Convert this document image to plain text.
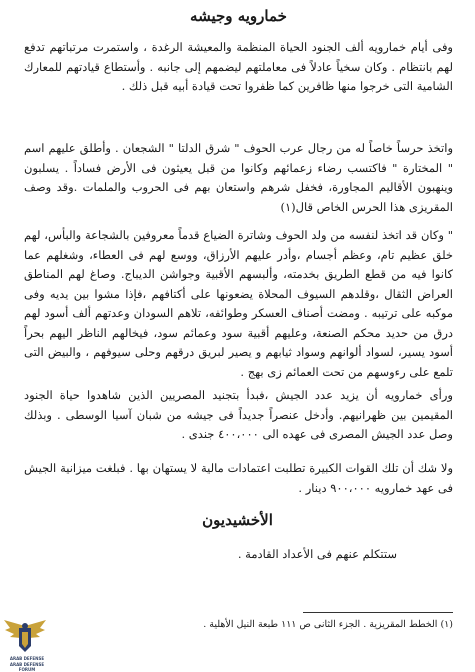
خمارويه وجيشه

وفى أيام خمارويه ألف الجنود الحياة المنظمة والمعيشة الرغدة ، واستمرت مرتباتهم تدفع لهم بانتظام . وكان سخياً عادلاً فى معاملتهم ليضمهم إلى جانبه . وأستطاع قيادتهم للمعارك الشامية التى خرجوا منها ظافرين كما ظفروا تحت قيادة أبيه قبل ذلك .

واتخذ حرساً خاصاً له من رجال عرب الحوف " شرق الدلتا " الشجعان . وأطلق عليهم اسم " المختارة " فاكتسب رضاء زعمائهم وكانوا من قبل يعيثون فى الأرض فساداً . يسلبون وينهبون الأقاليم المجاورة، فخفل شرهم واستعان بهم فى الحروب والملمات .وقد وصف المقريزى هذا الحرس الخاص قال(١)

" وكان قد اتخذ لنفسه من ولد الحوف وشاترة الضياع قدماً معروفين بالشجاعة والبأس، لهم خلق عظيم تام، وعظم أجسام ،وأدر عليهم الأرزاق، ووسع لهم فى العطاء، وشغلهم عما كانوا فيه من قطع الطريق بخدمته، وألبسهم الأقبية وجواشن الديباج. وصاغ لهم المناطق العراض الثقال ،وقلدهم السيوف المحلاة يضعونها على أكتافهم ،فإذا مشوا بين يديه وفى موكبه على ترتيبه . ومضت أصناف العسكر وطوائفه، تلاهم السودان وعدتهم ألف أسود لهم درق من حديد محكم الصنعة، وعليهم أقبية سود وعمائم سود، فيخالهم الناظر اليهم بحراً أسود يسير، لسواد ألوانهم وسواد ثيابهم و يصير لبريق درقهم وحلى سيوفهم ، والبيض التى تلمع على رءوسهم من تحت العمائم زى بهج .

ورأى خمارويه أن يزيد عدد الجيش ،فبدأ بتجنيد المصريين الذين شاهدوا حياة الجنود المقيمين بين ظهرانيهم. وأدخل عنصراً جديداً فى جيشه من شبان آسيا الوسطى . وبذلك وصل عدد الجيش المصرى فى عهده الى ٤٠٠،٠٠٠ جندى .

ولا شك أن تلك القوات الكبيرة تطلبت اعتمادات مالية لا يستهان بها . فبلغت ميزانية الجيش فى عهد خمارويه ٩٠٠،٠٠٠ دينار .

الأخشيديون

ستتكلم عنهم فى الأعداد القادمة .

(١) الخطط المقريزية . الجزء الثانى ص ١١١ طبعة النيل الأهلية .
ARAB DEFENSE
ARAB DEFENSE FORUM
